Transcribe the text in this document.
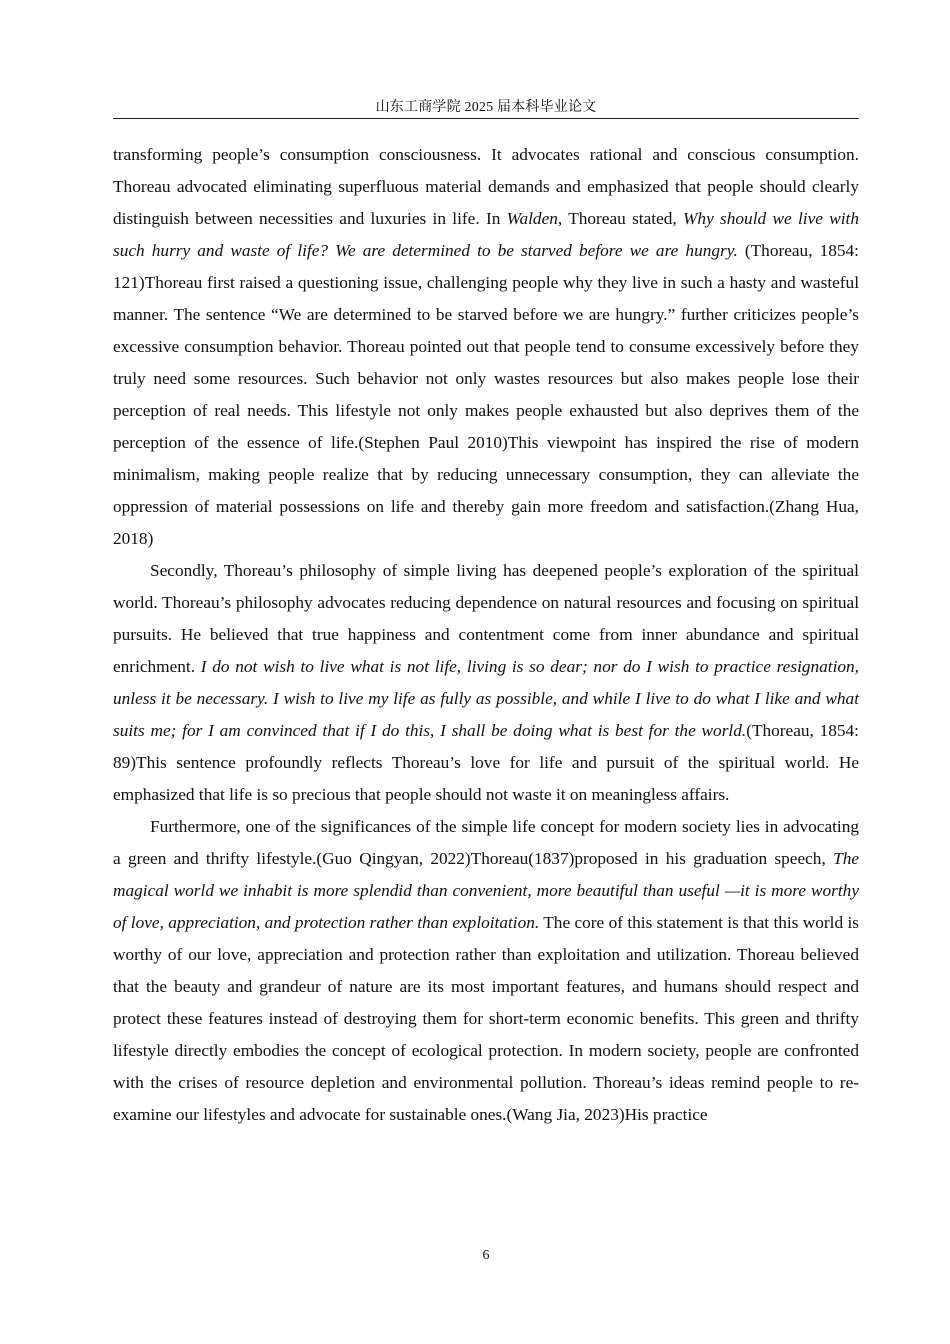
山东工商学院 2025 届本科毕业论文

transforming people’s consumption consciousness. It advocates rational and conscious consumption. Thoreau advocated eliminating superfluous material demands and emphasized that people should clearly distinguish between necessities and luxuries in life. In Walden, Thoreau stated, Why should we live with such hurry and waste of life? We are determined to be starved before we are hungry. (Thoreau, 1854: 121)Thoreau first raised a questioning issue, challenging people why they live in such a hasty and wasteful manner. The sentence “We are determined to be starved before we are hungry.” further criticizes people’s excessive consumption behavior. Thoreau pointed out that people tend to consume excessively before they truly need some resources. Such behavior not only wastes resources but also makes people lose their perception of real needs. This lifestyle not only makes people exhausted but also deprives them of the perception of the essence of life.(Stephen Paul 2010)This viewpoint has inspired the rise of modern minimalism, making people realize that by reducing unnecessary consumption, they can alleviate the oppression of material possessions on life and thereby gain more freedom and satisfaction.(Zhang Hua, 2018)

Secondly, Thoreau’s philosophy of simple living has deepened people’s exploration of the spiritual world. Thoreau’s philosophy advocates reducing dependence on natural resources and focusing on spiritual pursuits. He believed that true happiness and contentment come from inner abundance and spiritual enrichment. I do not wish to live what is not life, living is so dear; nor do I wish to practice resignation, unless it be necessary. I wish to live my life as fully as possible, and while I live to do what I like and what suits me; for I am convinced that if I do this, I shall be doing what is best for the world.(Thoreau, 1854: 89)This sentence profoundly reflects Thoreau’s love for life and pursuit of the spiritual world. He emphasized that life is so precious that people should not waste it on meaningless affairs.

Furthermore, one of the significances of the simple life concept for modern society lies in advocating a green and thrifty lifestyle.(Guo Qingyan, 2022)Thoreau(1837)proposed in his graduation speech, The magical world we inhabit is more splendid than convenient, more beautiful than useful —it is more worthy of love, appreciation, and protection rather than exploitation. The core of this statement is that this world is worthy of our love, appreciation and protection rather than exploitation and utilization. Thoreau believed that the beauty and grandeur of nature are its most important features, and humans should respect and protect these features instead of destroying them for short-term economic benefits. This green and thrifty lifestyle directly embodies the concept of ecological protection. In modern society, people are confronted with the crises of resource depletion and environmental pollution. Thoreau’s ideas remind people to re-examine our lifestyles and advocate for sustainable ones.(Wang Jia, 2023)His practice

6
